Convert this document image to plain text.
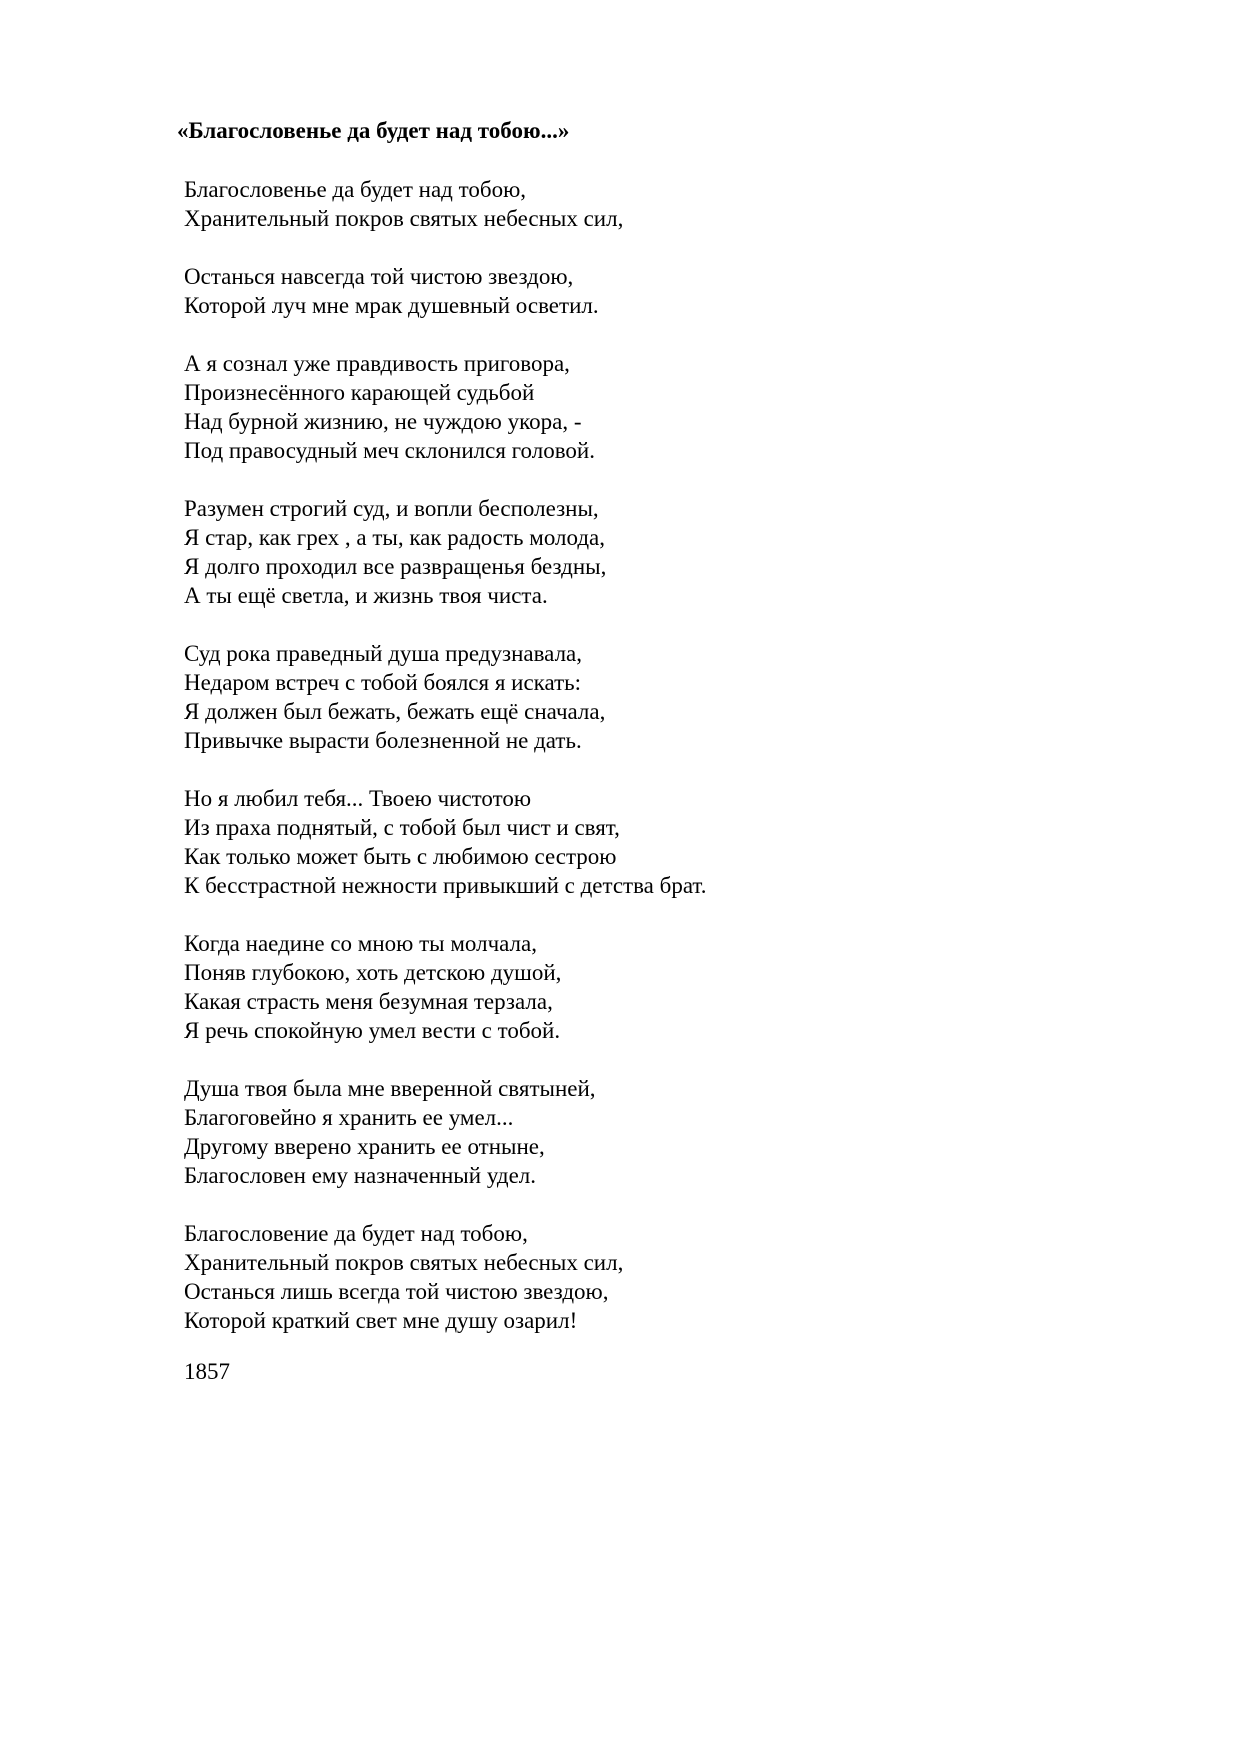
«Благословенье да будет над тобою...»
Благословенье да будет над тобою,
Хранительный покров святых небесных сил,
Останься навсегда той чистою звездою,
Которой луч мне мрак душевный осветил.
А я сознал уже правдивость приговора,
Произнесённого карающей судьбой
Над бурной жизнию, не чуждою укора, -
Под правосудный меч склонился головой.
Разумен строгий суд, и вопли бесполезны,
Я стар, как грех , а ты, как радость молода,
Я долго проходил все развращенья бездны,
А ты ещё светла, и жизнь твоя чиста.
Суд рока праведный душа предузнавала,
Недаром встреч с тобой боялся я искать:
Я должен был бежать, бежать ещё сначала,
Привычке вырасти болезненной не дать.
Но я любил тебя... Твоею чистотою
Из праха поднятый, с тобой был чист и свят,
Как только может быть с любимою сестрою
К бесстрастной нежности привыкший с детства брат.
Когда наедине со мною ты молчала,
Поняв глубокою, хоть детскою душой,
Какая страсть меня безумная терзала,
Я речь спокойную умел вести с тобой.
Душа твоя была мне вверенной святыней,
Благоговейно я хранить ее умел...
Другому вверено хранить ее отныне,
Благословен ему назначенный удел.
Благословение да будет над тобою,
Хранительный покров святых небесных сил,
Останься лишь всегда той чистою звездою,
Которой краткий свет мне душу озарил!
1857
